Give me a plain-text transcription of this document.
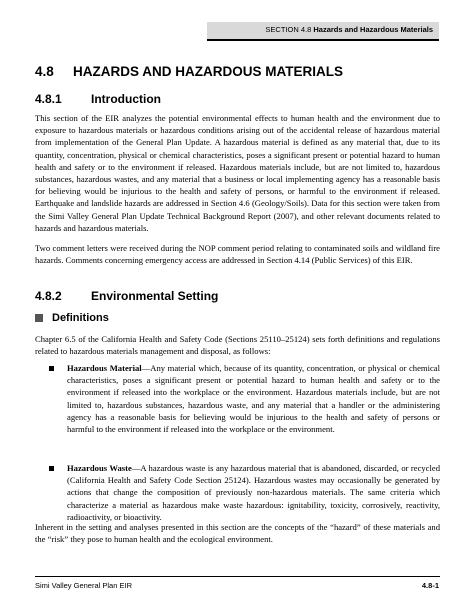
SECTION 4.8 Hazards and Hazardous Materials
4.8 HAZARDS AND HAZARDOUS MATERIALS
4.8.1 Introduction
This section of the EIR analyzes the potential environmental effects to human health and the environment due to exposure to hazardous materials or hazardous conditions arising out of the accidental release of hazardous material from implementation of the General Plan Update. A hazardous material is defined as any material that, due to its quantity, concentration, physical or chemical characteristics, poses a significant present or potential hazard to human health and safety or to the environment if released. Hazardous materials include, but are not limited to, hazardous substances, hazardous wastes, and any material that a business or local implementing agency has a reasonable basis for believing would be injurious to the health and safety of persons, or harmful to the environment if released. Earthquake and landslide hazards are addressed in Section 4.6 (Geology/Soils). Data for this section were taken from the Simi Valley General Plan Update Technical Background Report (2007), and other relevant documents related to hazards and hazardous materials.
Two comment letters were received during the NOP comment period relating to contaminated soils and wildland fire hazards. Comments concerning emergency access are addressed in Section 4.14 (Public Services) of this EIR.
4.8.2 Environmental Setting
Definitions
Chapter 6.5 of the California Health and Safety Code (Sections 25110–25124) sets forth definitions and regulations related to hazardous materials management and disposal, as follows:
Hazardous Material—Any material which, because of its quantity, concentration, or physical or chemical characteristics, poses a significant present or potential hazard to human health and safety or to the environment if released into the workplace or the environment. Hazardous materials include, but are not limited to, hazardous substances, hazardous waste, and any material that a handler or the administering agency has a reasonable basis for believing would be injurious to the health and safety of persons or harmful to the environment if released into the workplace or the environment.
Hazardous Waste—A hazardous waste is any hazardous material that is abandoned, discarded, or recycled (California Health and Safety Code Section 25124). Hazardous wastes may occasionally be generated by actions that change the composition of previously non-hazardous materials. The same criteria which characterize a material as hazardous make waste hazardous: ignitability, toxicity, corrosively, reactivity, radioactivity, or bioactivity.
Inherent in the setting and analyses presented in this section are the concepts of the “hazard” of these materials and the “risk” they pose to human health and the ecological environment.
Simi Valley General Plan EIR	4.8-1
